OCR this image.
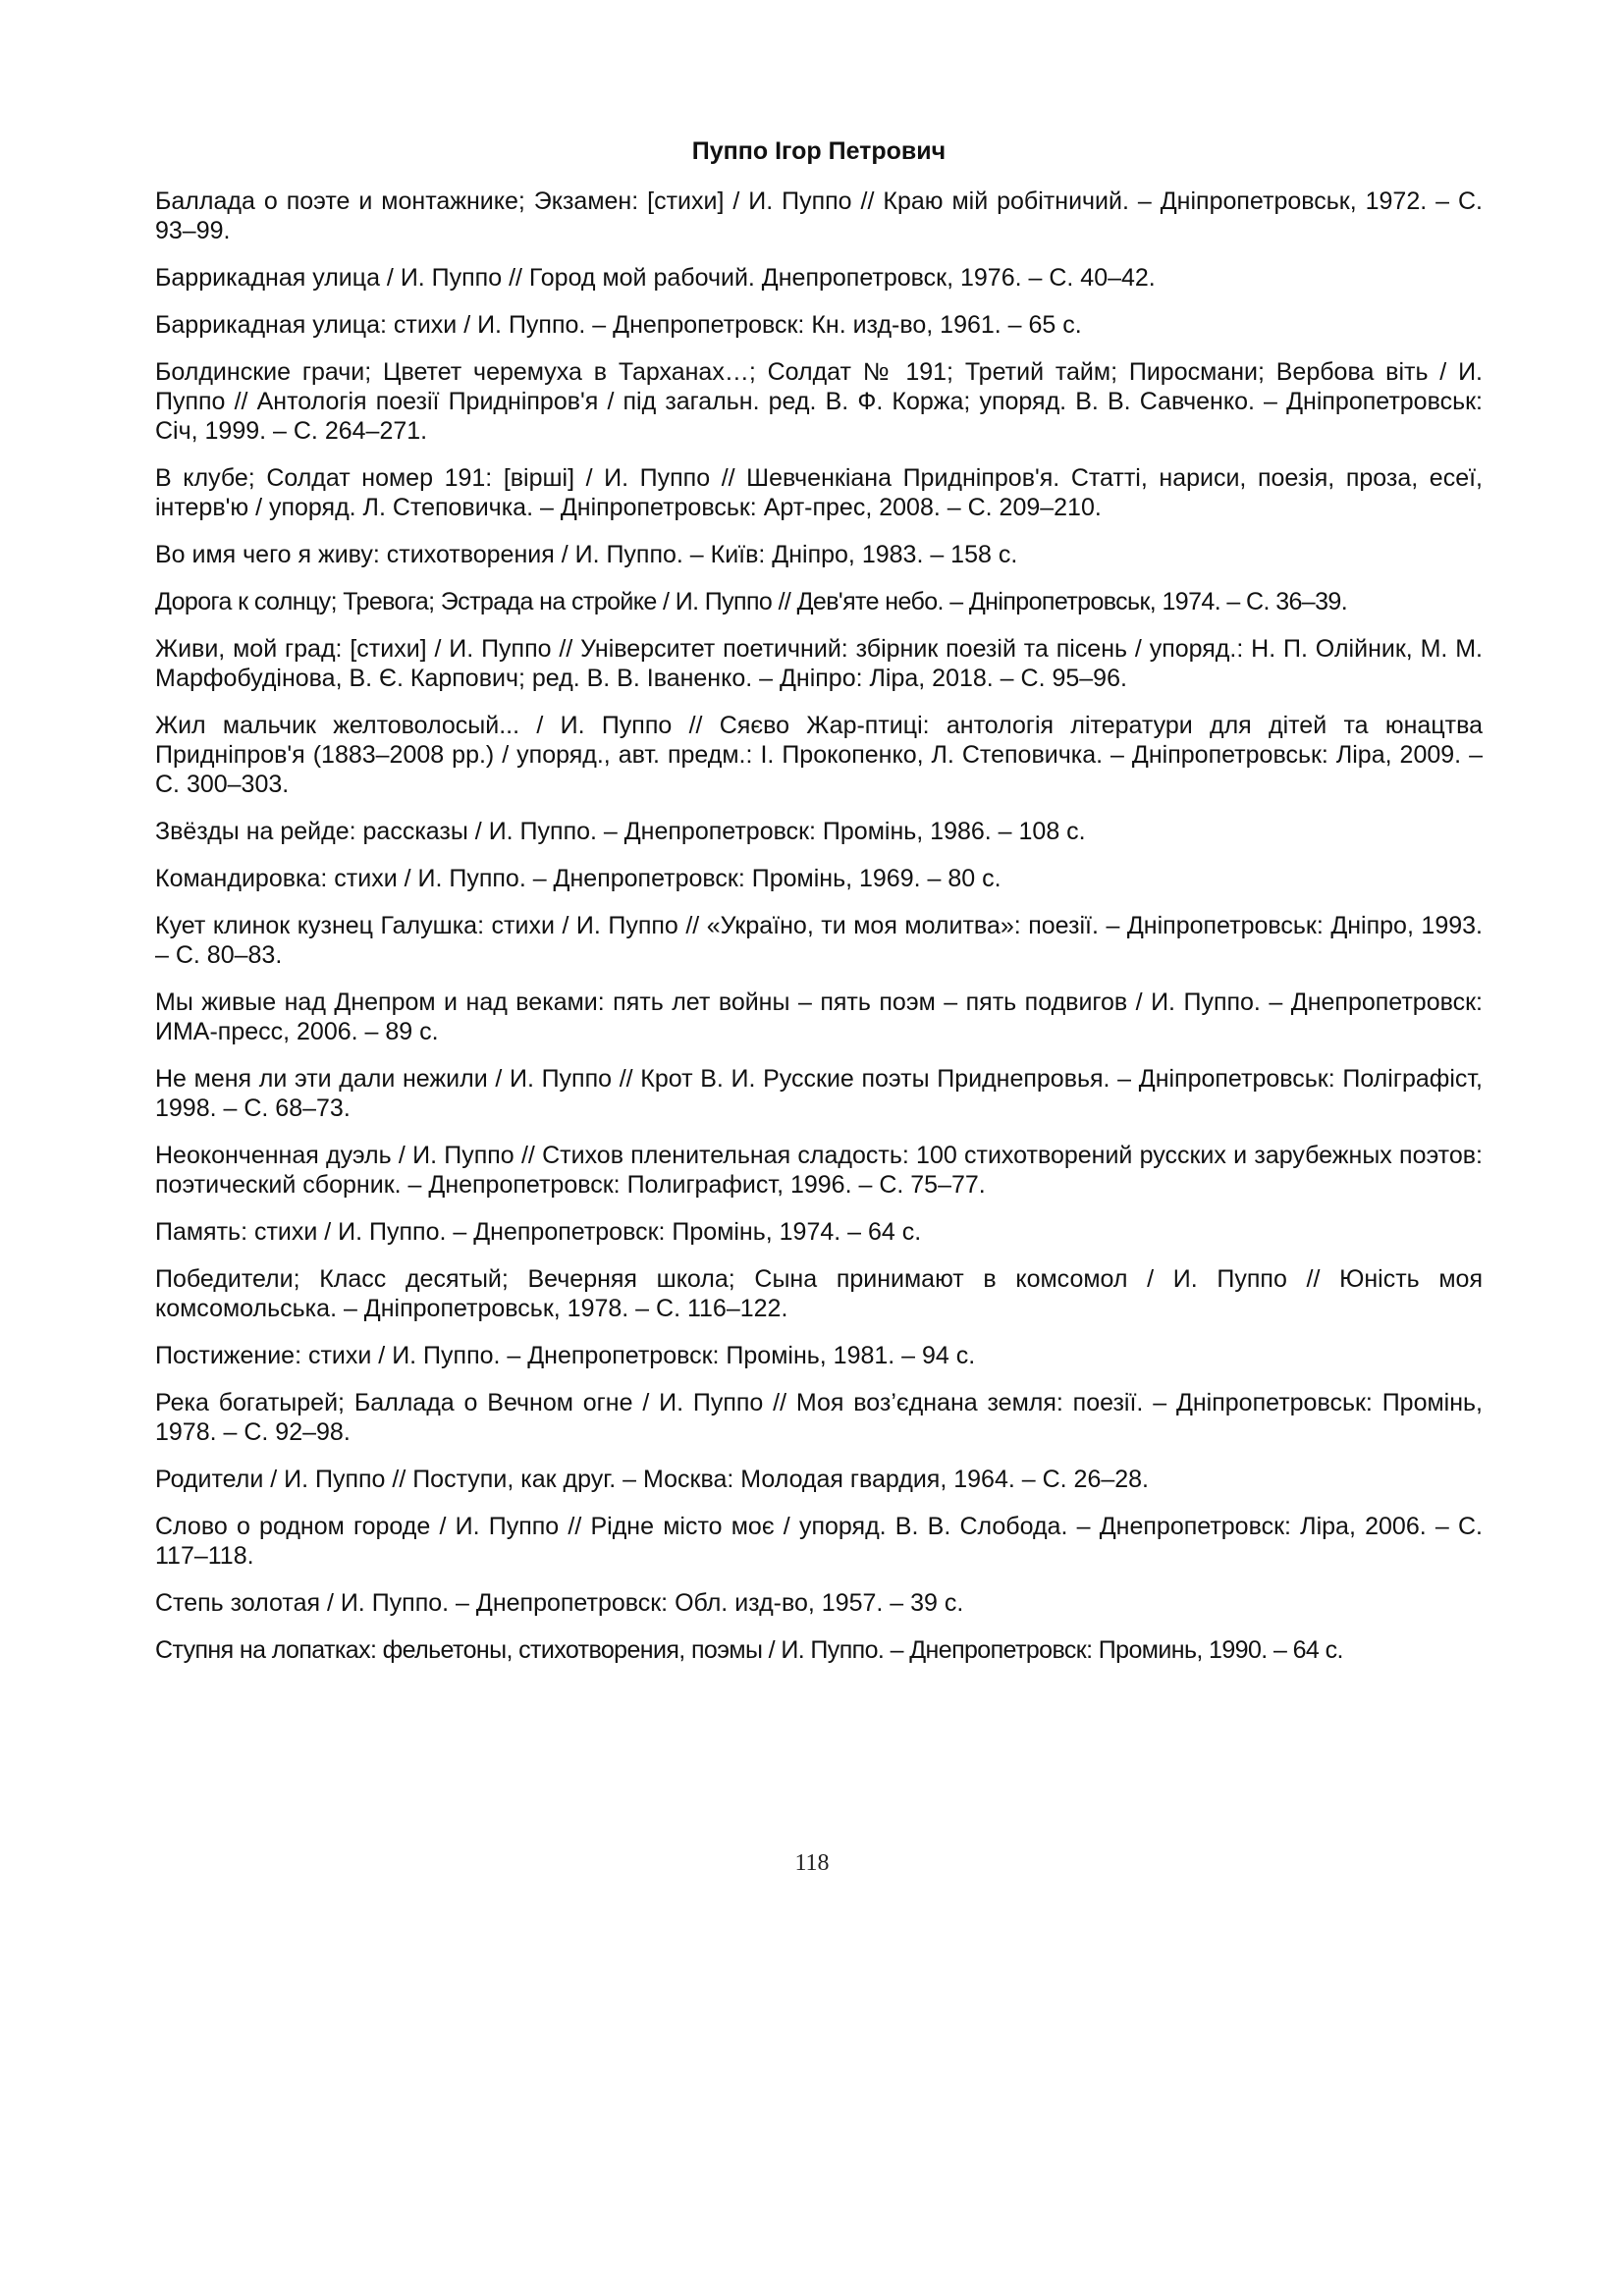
Пуппо Ігор Петрович
Баллада о поэте и монтажнике; Экзамен: [стихи] / И. Пуппо // Краю мій робітничий. – Дніпропетровськ, 1972. – С. 93–99.
Баррикадная улица / И. Пуппо // Город мой рабочий. Днепропетровск, 1976. – С. 40–42.
Баррикадная улица: стихи / И. Пуппо. – Днепропетровск: Кн. изд-во, 1961. – 65 с.
Болдинские грачи; Цветет черемуха в Тарханах…; Солдат № 191; Третий тайм; Пиросмани; Вербова віть / И. Пуппо // Антологія поезії Придніпров'я / під загальн. ред. В. Ф. Коржа; упоряд. В. В. Савченко. – Дніпропетровськ: Січ, 1999. – С. 264–271.
В клубе; Солдат номер 191: [вірші] / И. Пуппо // Шевченкіана Придніпров'я. Статті, нариси, поезія, проза, есеї, інтерв'ю / упоряд. Л. Степовичка. – Дніпропетровськ: Арт-прес, 2008. – С. 209–210.
Во имя чего я живу: стихотворения / И. Пуппо. – Київ: Дніпро, 1983. – 158 с.
Дорога к солнцу; Тревога; Эстрада на стройке / И. Пуппо // Дев'яте небо. – Дніпропетровськ, 1974. – С. 36–39.
Живи, мой град: [стихи] / И. Пуппо // Університет поетичний: збірник поезій та пісень / упоряд.: Н. П. Олійник, М. М. Марфобудінова, В. Є. Карпович; ред. В. В. Іваненко. – Дніпро: Ліра, 2018. – С. 95–96.
Жил мальчик желтоволосый... / И. Пуппо // Сяєво Жар-птиці: антологія літератури для дітей та юнацтва Придніпров'я (1883–2008 рр.) / упоряд., авт. предм.: І. Прокопенко, Л. Степовичка. – Дніпропетровськ: Ліра, 2009. – С. 300–303.
Звёзды на рейде: рассказы / И. Пуппо. – Днепропетровск: Промінь, 1986. – 108 с.
Командировка: стихи / И. Пуппо. – Днепропетровск: Промінь, 1969. – 80 с.
Кует клинок кузнец Галушка: стихи / И. Пуппо // «Україно, ти моя молитва»: поезії. – Дніпропетровськ: Дніпро, 1993. – С. 80–83.
Мы живые над Днепром и над веками: пять лет войны – пять поэм – пять подвигов / И. Пуппо. – Днепропетровск: ИМА-пресс, 2006. – 89 с.
Не меня ли эти дали нежили / И. Пуппо // Крот В. И. Русские поэты Приднепровья. – Дніпропетровськ: Поліграфіст, 1998. – С. 68–73.
Неоконченная дуэль / И. Пуппо // Стихов пленительная сладость: 100 стихотворений русских и зарубежных поэтов: поэтический сборник. – Днепропетровск: Полиграфист, 1996. – С. 75–77.
Память: стихи / И. Пуппо. – Днепропетровск: Промінь, 1974. – 64 с.
Победители; Класс десятый; Вечерняя школа; Сына принимают в комсомол / И. Пуппо // Юність моя комсомольська. – Дніпропетровськ, 1978. – С. 116–122.
Постижение: стихи / И. Пуппо. – Днепропетровск: Промінь, 1981. – 94 с.
Река богатырей; Баллада о Вечном огне / И. Пуппо // Моя воз’єднана земля: поезії. – Дніпропетровськ: Промінь, 1978. – С. 92–98.
Родители / И. Пуппо // Поступи, как друг. – Москва: Молодая гвардия, 1964. – С. 26–28.
Слово о родном городе / И. Пуппо // Рідне місто моє / упоряд. В. В. Слобода. – Днепропетровск: Ліра, 2006. – С. 117–118.
Степь золотая / И. Пуппо. – Днепропетровск: Обл. изд-во, 1957. – 39 с.
Ступня на лопатках: фельетоны, стихотворения, поэмы / И. Пуппо. – Днепропетровск: Проминь, 1990. – 64 с.
118
